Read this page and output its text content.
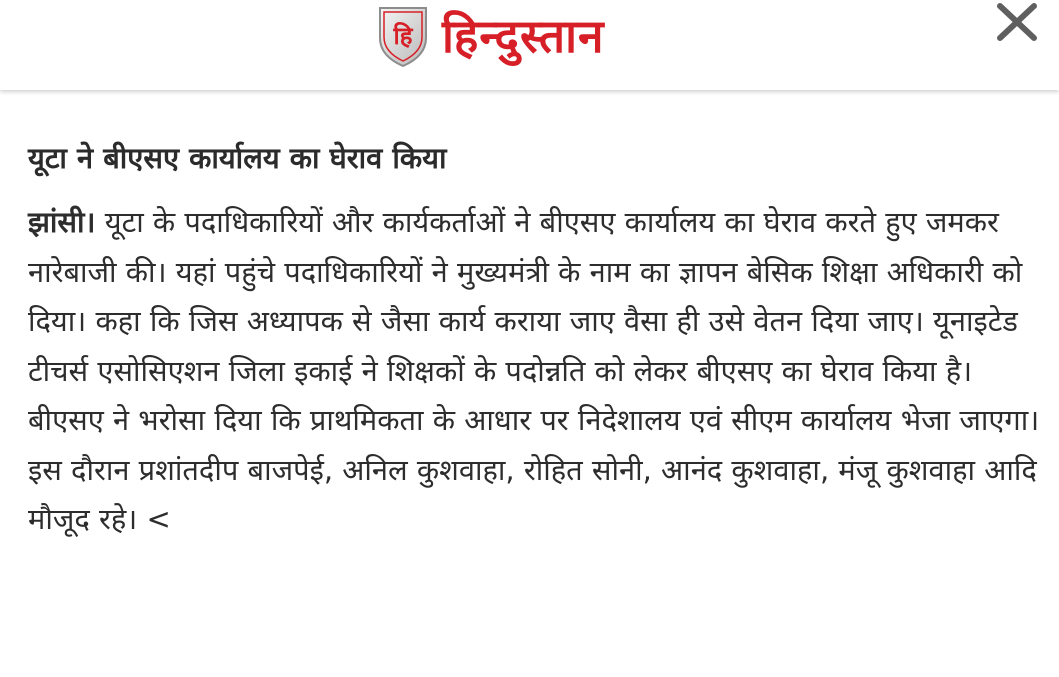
हि हिन्दुस्तान
यूटा ने बीएसए कार्यालय का घेराव किया

झांसी। यूटा के पदाधिकारियों और कार्यकर्ताओं ने बीएसए कार्यालय का घेराव करते हुए जमकर नारेबाजी की। यहां पहुंचे पदाधिकारियों ने मुख्यमंत्री के नाम का ज्ञापन बेसिक शिक्षा अधिकारी को दिया। कहा कि जिस अध्यापक से जैसा कार्य कराया जाए वैसा ही उसे वेतन दिया जाए। यूनाइटेड टीचर्स एसोसिएशन जिला इकाई ने शिक्षकों के पदोन्नति को लेकर बीएसए का घेराव किया है। बीएसए ने भरोसा दिया कि प्राथमिकता के आधार पर निदेशालय एवं सीएम कार्यालय भेजा जाएगा। इस दौरान प्रशांतदीप बाजपेई, अनिल कुशवाहा, रोहित सोनी, आनंद कुशवाहा, मंजू कुशवाहा आदि मौजूद रहे। <
